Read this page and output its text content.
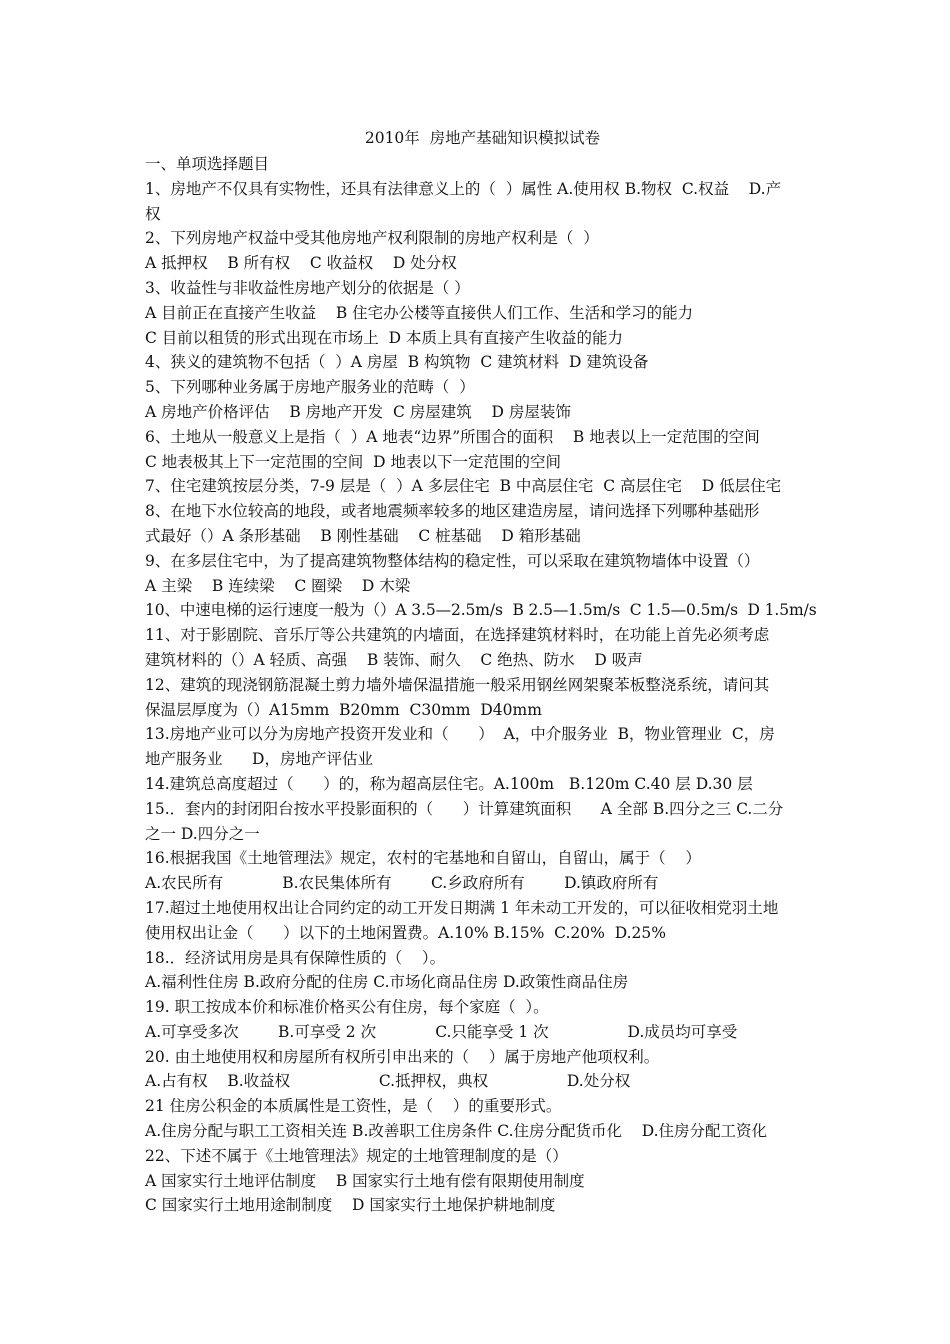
2010年  房地产基础知识模拟试卷
一、单项选择题目
1、房地产不仅具有实物性，还具有法律意义上的（  ）属性 A.使用权 B.物权  C.权益    D.产
权
2、下列房地产权益中受其他房地产权利限制的房地产权利是（  ）
A 抵押权    B 所有权    C 收益权    D 处分权
3、收益性与非收益性房地产划分的依据是（ ）
A 目前正在直接产生收益    B 住宅办公楼等直接供人们工作、生活和学习的能力
C 目前以租赁的形式出现在市场上  D 本质上具有直接产生收益的能力
4、狭义的建筑物不包括（  ）A 房屋  B 构筑物  C 建筑材料  D 建筑设备
5、下列哪种业务属于房地产服务业的范畴（  ）
A 房地产价格评估    B 房地产开发  C 房屋建筑    D 房屋装饰
6、土地从一般意义上是指（  ）A 地表“边界”所围合的面积    B 地表以上一定范围的空间
C 地表极其上下一定范围的空间  D 地表以下一定范围的空间
7、住宅建筑按层分类，7-9 层是（  ）A 多层住宅  B 中高层住宅  C 高层住宅    D 低层住宅
8、在地下水位较高的地段，或者地震频率较多的地区建造房屋，请问选择下列哪种基础形
式最好（）A 条形基础    B 刚性基础    C 桩基础    D 箱形基础
9、在多层住宅中，为了提高建筑物整体结构的稳定性，可以采取在建筑物墙体中设置（）
A 主梁    B 连续梁    C 圈梁    D 木梁
10、中速电梯的运行速度一般为（）A 3.5—2.5m/s  B 2.5—1.5m/s  C 1.5—0.5m/s  D 1.5m/s
11、对于影剧院、音乐厅等公共建筑的内墙面，在选择建筑材料时，在功能上首先必须考虑
建筑材料的（）A 轻质、高强    B 装饰、耐久    C 绝热、防水    D 吸声
12、建筑的现浇钢筋混凝土剪力墙外墙保温措施一般采用钢丝网架聚苯板整浇系统，请问其
保温层厚度为（）A15mm  B20mm  C30mm  D40mm
13.房地产业可以分为房地产投资开发业和（      ）  A，中介服务业  B，物业管理业  C，房
地产服务业      D，房地产评估业
14.建筑总高度超过（      ）的，称为超高层住宅。A.100m   B.120m C.40 层 D.30 层
15.．套内的封闭阳台按水平投影面积的（      ）计算建筑面积      A 全部 B.四分之三 C.二分
之一 D.四分之一
16.根据我国《土地管理法》规定，农村的宅基地和自留山，自留山，属于（    ）
A.农民所有            B.农民集体所有        C.乡政府所有        D.镇政府所有
17.超过土地使用权出让合同约定的动工开发日期满 1 年未动工开发的，可以征收相党羽土地
使用权出让金（      ）以下的土地闲置费。A.10% B.15%  C.20%  D.25%
18.．经济试用房是具有保障性质的（    ）。
A.福利性住房 B.政府分配的住房 C.市场化商品住房 D.政策性商品住房
19. 职工按成本价和标准价格买公有住房，每个家庭（  ）。
A.可享受多次        B.可享受 2 次            C.只能享受 1 次                D.成员均可享受
20. 由土地使用权和房屋所有权所引申出来的（    ）属于房地产他项权利。
A.占有权    B.收益权                  C.抵押权，典权                D.处分权
21 住房公积金的本质属性是工资性，是（    ）的重要形式。
A.住房分配与职工工资相关连 B.改善职工住房条件 C.住房分配货币化    D.住房分配工资化
22、下述不属于《土地管理法》规定的土地管理制度的是（）
A 国家实行土地评估制度    B 国家实行土地有偿有限期使用制度
C 国家实行土地用途制制度    D 国家实行土地保护耕地制度
